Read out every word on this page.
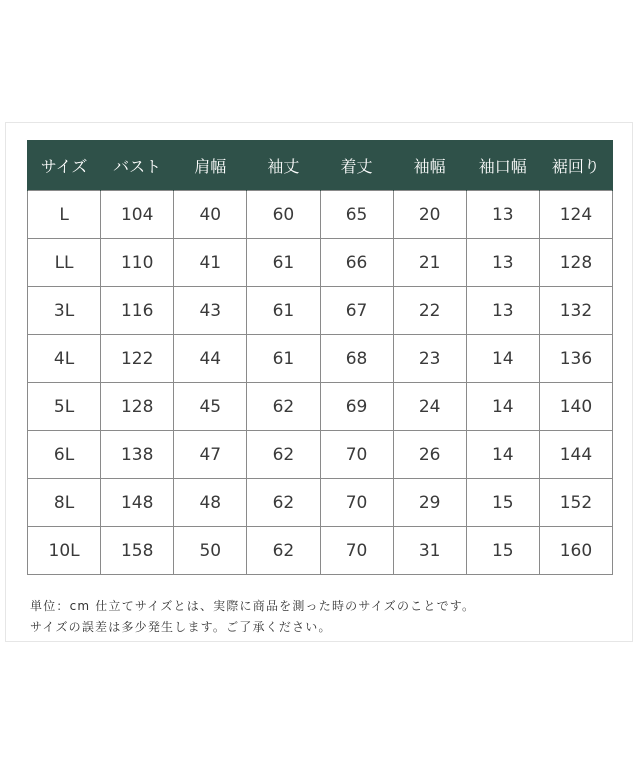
サイズ	バスト	肩幅	袖丈	着丈	袖幅	袖口幅	裾回り
L	104	40	60	65	20	13	124
LL	110	41	61	66	21	13	128
3L	116	43	61	67	22	13	132
4L	122	44	61	68	23	14	136
5L	128	45	62	69	24	14	140
6L	138	47	62	70	26	14	144
8L	148	48	62	70	29	15	152
10L	158	50	62	70	31	15	160
単位：cm 仕立てサイズとは、実際に商品を測った時のサイズのことです。
サイズの誤差は多少発生します。ご了承ください。
